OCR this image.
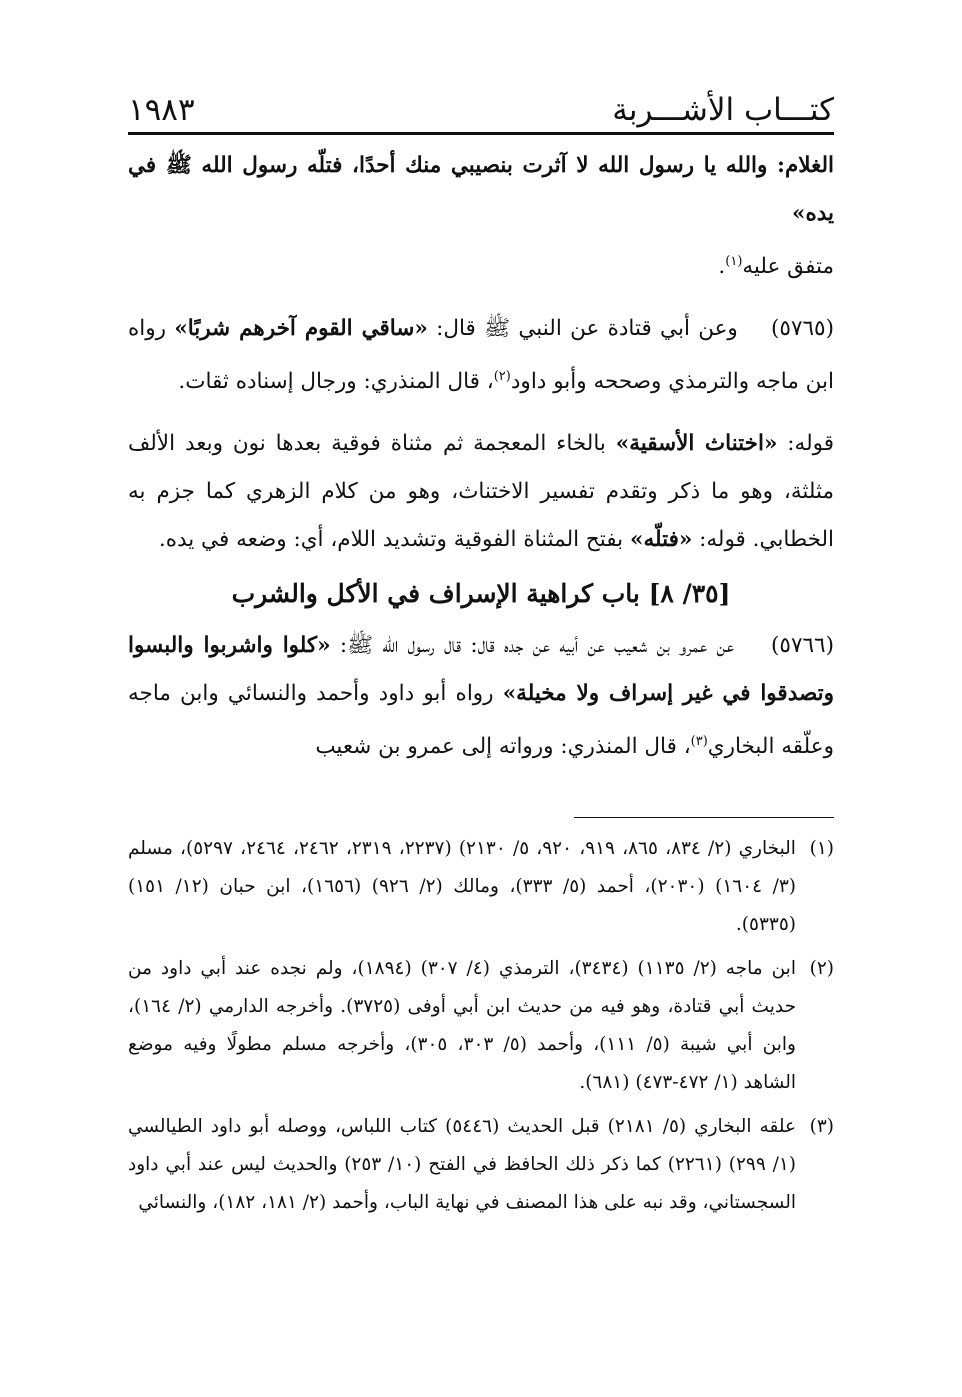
كتـــاب الأشـــربة
١٩٨٣

الغلام: والله يا رسول الله لا آثرت بنصيبي منك أحدًا، فتلّه رسول الله ﷺ في يده»
متفق عليه$^{(١)}$.

(٥٧٦٥)    وعن أبي قتادة عن النبي ﷺ قال: «ساقي القوم آخرهم شربًا» رواه ابن ماجه والترمذي وصححه وأبو داود$^{(٢)}$، قال المنذري: ورجال إسناده ثقات.

قوله: «اختناث الأسقية» بالخاء المعجمة ثم مثناة فوقية بعدها نون وبعد الألف مثلثة، وهو ما ذكر وتقدم تفسير الاختناث، وهو من كلام الزهري كما جزم به الخطابي. قوله: «فتلّه» بفتح المثناة الفوقية وتشديد اللام، أي: وضعه في يده.

[٣٥/ ٨] باب كراهية الإسراف في الأكل والشرب

(٥٧٦٦)    عن عمرو بن شعيب عن أبيه عن جده قال: قال رسول الله ﷺ: «كلوا واشربوا والبسوا وتصدقوا في غير إسراف ولا مخيلة» رواه أبو داود وأحمد والنسائي وابن ماجه وعلّقه البخاري$^{(٣)}$، قال المنذري: ورواته إلى عمرو بن شعيب

(١)
البخاري (٢/ ٨٣٤، ٨٦٥، ٩١٩، ٩٢٠، ٥/ ٢١٣٠) (٢٢٣٧، ٢٣١٩، ٢٤٦٢، ٢٤٦٤، ٥٢٩٧)، مسلم (٣/ ١٦٠٤) (٢٠٣٠)، أحمد (٥/ ٣٣٣)، ومالك (٢/ ٩٢٦) (١٦٥٦)، ابن حبان (١٢/ ١٥١) (٥٣٣٥).

(٢)
ابن ماجه (٢/ ١١٣٥) (٣٤٣٤)، الترمذي (٤/ ٣٠٧) (١٨٩٤)، ولم نجده عند أبي داود من حديث أبي قتادة، وهو فيه من حديث ابن أبي أوفى (٣٧٢٥). وأخرجه الدارمي (٢/ ١٦٤)، وابن أبي شيبة (٥/ ١١١)، وأحمد (٥/ ٣٠٣، ٣٠٥)، وأخرجه مسلم مطولًا وفيه موضع الشاهد (١/ ٤٧٢-٤٧٣) (٦٨١).

(٣)
علقه البخاري (٥/ ٢١٨١) قبل الحديث (٥٤٤٦) كتاب اللباس، ووصله أبو داود الطيالسي (١/ ٢٩٩) (٢٢٦١) كما ذكر ذلك الحافظ في الفتح (١٠/ ٢٥٣) والحديث ليس عند أبي داود السجستاني، وقد نبه على هذا المصنف في نهاية الباب، وأحمد (٢/ ١٨١، ١٨٢)، والنسائي
